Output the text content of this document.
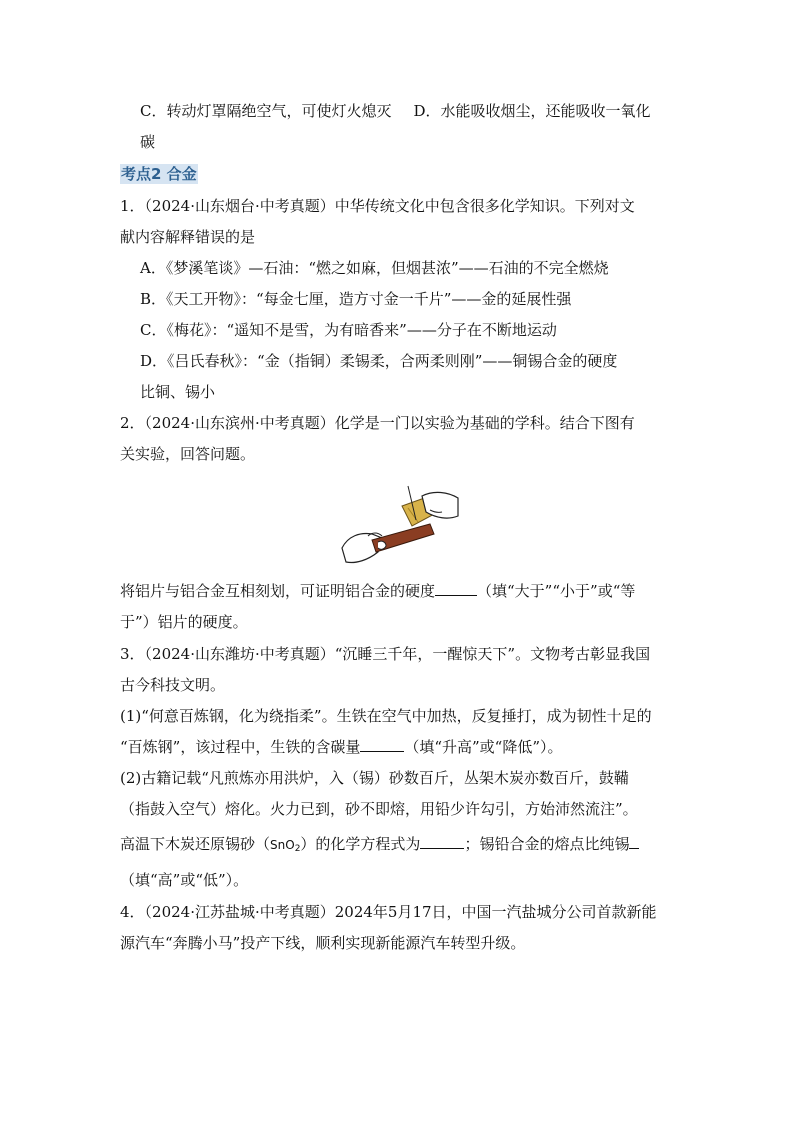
C．转动灯罩隔绝空气，可使灯火熄灭 D．水能吸收烟尘，还能吸收一氧化
碳
考点2 合金
1．（2024·山东烟台·中考真题）中华传统文化中包含很多化学知识。下列对文
献内容解释错误的是
A．《梦溪笔谈》—石油：“燃之如麻，但烟甚浓”——石油的不完全燃烧
B．《天工开物》：“每金七厘，造方寸金一千片”——金的延展性强
C．《梅花》：“遥知不是雪，为有暗香来”——分子在不断地运动
D．《吕氏春秋》：“金（指铜）柔锡柔，合两柔则刚”——铜锡合金的硬度
比铜、锡小
2．（2024·山东滨州·中考真题）化学是一门以实验为基础的学科。结合下图有
关实验，回答问题。
将铝片与铝合金互相刻划，可证明铝合金的硬度	（填“大于”“小于”或“等
于”）铝片的硬度。
3．（2024·山东潍坊·中考真题）“沉睡三千年，一醒惊天下”。文物考古彰显我国
古今科技文明。
(1)“何意百炼钢，化为绕指柔”。生铁在空气中加热，反复捶打，成为韧性十足的
“百炼钢”，该过程中，生铁的含碳量	（填“升高”或“降低”）。
(2)古籍记载“凡煎炼亦用洪炉，入（锡）砂数百斤，丛架木炭亦数百斤，鼓鞴
（指鼓入空气）熔化。火力已到，砂不即熔，用铅少许勾引，方始沛然流注”。
高温下木炭还原锡砂（SnO$_2$）的化学方程式为	；锡铅合金的熔点比纯锡
（填“高”或“低”）。
4．（2024·江苏盐城·中考真题）2024年5月17日，中国一汽盐城分公司首款新能
源汽车“奔腾小马”投产下线，顺利实现新能源汽车转型升级。
